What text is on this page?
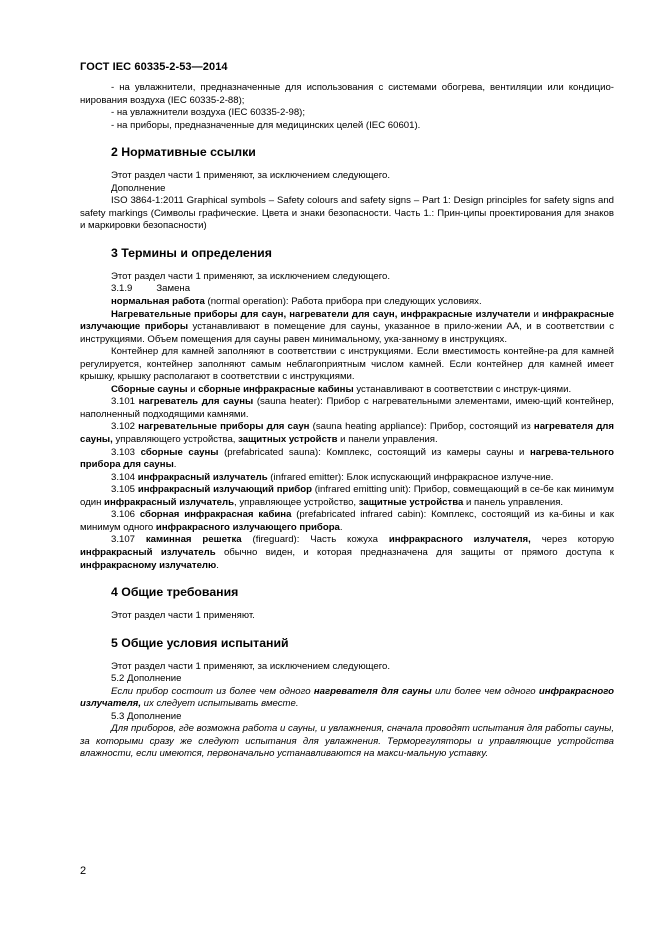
ГОСТ IEC 60335-2-53—2014

- на увлажнители, предназначенные для использования с системами обогрева, вентиляции или кондицио-нирования воздуха (IEC 60335-2-88);

- на увлажнители воздуха (IEC 60335-2-98);

- на приборы, предназначенные для медицинских целей (IEC 60601).

2 Нормативные ссылки

Этот раздел части 1 применяют, за исключением следующего.

Дополнение

ISO 3864-1:2011 Graphical symbols – Safety colours and safety signs – Part 1: Design principles for safety signs and safety markings (Символы графические. Цвета и знаки безопасности. Часть 1.: Прин-ципы проектирования для знаков и маркировки безопасности)

3 Термины и определения

Этот раздел части 1 применяют, за исключением следующего.

3.1.9	Замена

нормальная работа (normal operation): Работа прибора при следующих условиях.

Нагревательные приборы для саун, нагреватели для саун, инфракрасные излучатели и инфракрасные излучающие приборы устанавливают в помещение для сауны, указанное в прило-жении АА, и в соответствии с инструкциями. Объем помещения для сауны равен минимальному, ука-занному в инструкциях.

Контейнер для камней заполняют в соответствии с инструкциями. Если вместимость контейне-ра для камней регулируется, контейнер заполняют самым неблагоприятным числом камней. Если контейнер для камней имеет крышку, крышку располагают в соответствии с инструкциями.

Сборные сауны и сборные инфракрасные кабины устанавливают в соответствии с инструк-циями.

3.101 нагреватель для сауны (sauna heater): Прибор с нагревательными элементами, имею-щий контейнер, наполненный подходящими камнями.

3.102 нагревательные приборы для саун (sauna heating appliance): Прибор, состоящий из нагревателя для сауны, управляющего устройства, защитных устройств и панели управления.

3.103 сборные сауны (prefabricated sauna): Комплекс, состоящий из камеры сауны и нагрева-тельного прибора для сауны.

3.104 инфракрасный излучатель (infrared emitter): Блок испускающий инфракрасное излуче-ние.

3.105 инфракрасный излучающий прибор (infrared emitting unit): Прибор, совмещающий в се-бе как минимум один инфракрасный излучатель, управляющее устройство, защитные устройства и панель управления.

3.106 сборная инфракрасная кабина (prefabricated infrared cabin): Комплекс, состоящий из ка-бины и как минимум одного инфракрасного излучающего прибора.

3.107 каминная решетка (fireguard): Часть кожуха инфракрасного излучателя, через которую инфракрасный излучатель обычно виден, и которая предназначена для защиты от прямого доступа к инфракрасному излучателю.

4 Общие требования

Этот раздел части 1 применяют.

5 Общие условия испытаний

Этот раздел части 1 применяют, за исключением следующего.

5.2 Дополнение

Если прибор состоит из более чем одного нагревателя для сауны или более чем одного инфракрасного излучателя, их следует испытывать вместе.

5.3 Дополнение

Для приборов, где возможна работа и сауны, и увлажнения, сначала проводят испытания для работы сауны, за которыми сразу же следуют испытания для увлажнения. Терморегуляторы и управляющие устройства влажности, если имеются, первоначально устанавливаются на макси-мальную уставку.

2
